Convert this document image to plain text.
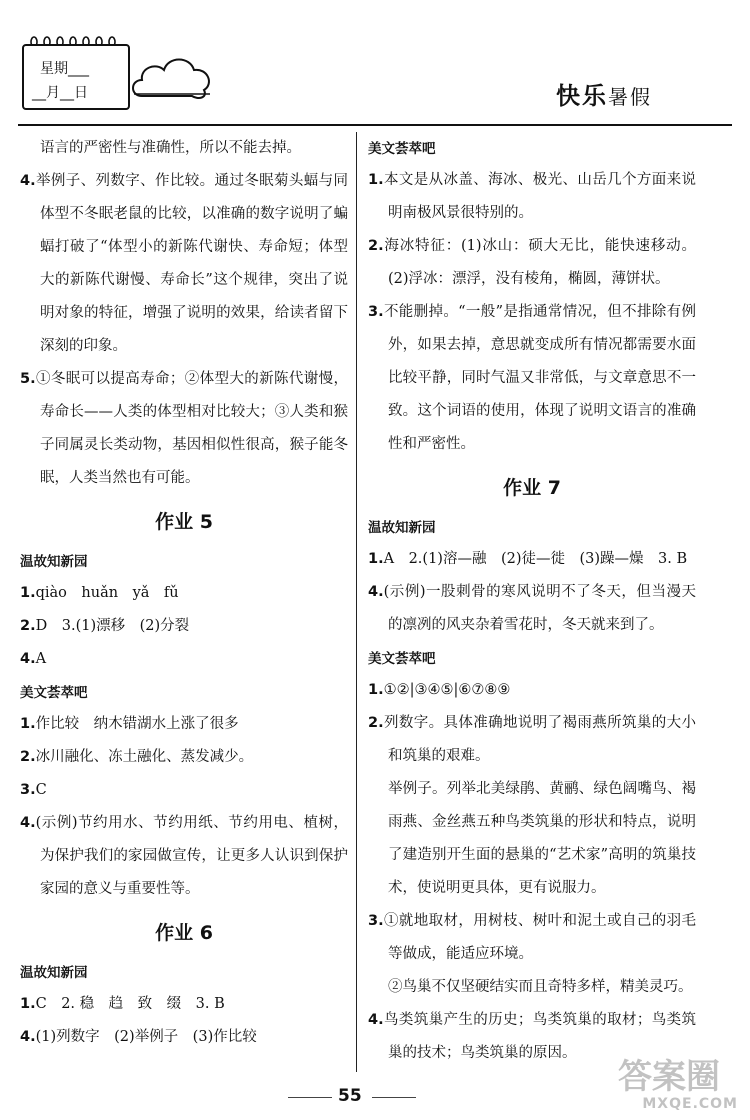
星期___
__月__日	快乐暑假

语言的严密性与准确性，所以不能去掉。

4.举例子、列数字、作比较。通过冬眠菊头蝠与同体型不冬眠老鼠的比较，以准确的数字说明了蝙蝠打破了“体型小的新陈代谢快、寿命短；体型大的新陈代谢慢、寿命长”这个规律，突出了说明对象的特征，增强了说明的效果，给读者留下深刻的印象。

5.①冬眠可以提高寿命；②体型大的新陈代谢慢，寿命长——人类的体型相对比较大；③人类和猴子同属灵长类动物，基因相似性很高，猴子能冬眠，人类当然也有可能。

作业 5
温故知新园

1.qiào　huǎn　yǎ　fǔ

2.D　3.(1)漂移　(2)分裂

4.A

美文荟萃吧

1.作比较　纳木错湖水上涨了很多

2.冰川融化、冻土融化、蒸发减少。

3.C

4.(示例)节约用水、节约用纸、节约用电、植树，为保护我们的家园做宣传，让更多人认识到保护家园的意义与重要性等。

作业 6
温故知新园

1.C　2. 稳　趋　致　缀　3. B

4.(1)列数字　(2)举例子　(3)作比较

美文荟萃吧

1.本文是从冰盖、海冰、极光、山岳几个方面来说明南极风景很特别的。

2.海冰特征：(1)冰山：硕大无比，能快速移动。(2)浮冰：漂浮，没有棱角，椭圆，薄饼状。

3.不能删掉。“一般”是指通常情况，但不排除有例外，如果去掉，意思就变成所有情况都需要水面比较平静，同时气温又非常低，与文章意思不一致。这个词语的使用，体现了说明文语言的准确性和严密性。

作业 7
温故知新园

1.A　2.(1)溶—融　(2)徒—徙　(3)躁—燥　3. B

4.(示例)一股刺骨的寒风说明不了冬天，但当漫天的凛冽的风夹杂着雪花时，冬天就来到了。

美文荟萃吧

1.①②|③④⑤|⑥⑦⑧⑨

2.列数字。具体准确地说明了褐雨燕所筑巢的大小和筑巢的艰难。

举例子。列举北美绿鹃、黄鹂、绿色阔嘴鸟、褐雨燕、金丝燕五种鸟类筑巢的形状和特点，说明了建造别开生面的悬巢的“艺术家”高明的筑巢技术，使说明更具体，更有说服力。

3.①就地取材，用树枝、树叶和泥土或自己的羽毛等做成，能适应环境。

②鸟巢不仅坚硬结实而且奇特多样，精美灵巧。

4.鸟类筑巢产生的历史；鸟类筑巢的取材；鸟类筑巢的技术；鸟类筑巢的原因。

55	答案圈
MXQE.COM
